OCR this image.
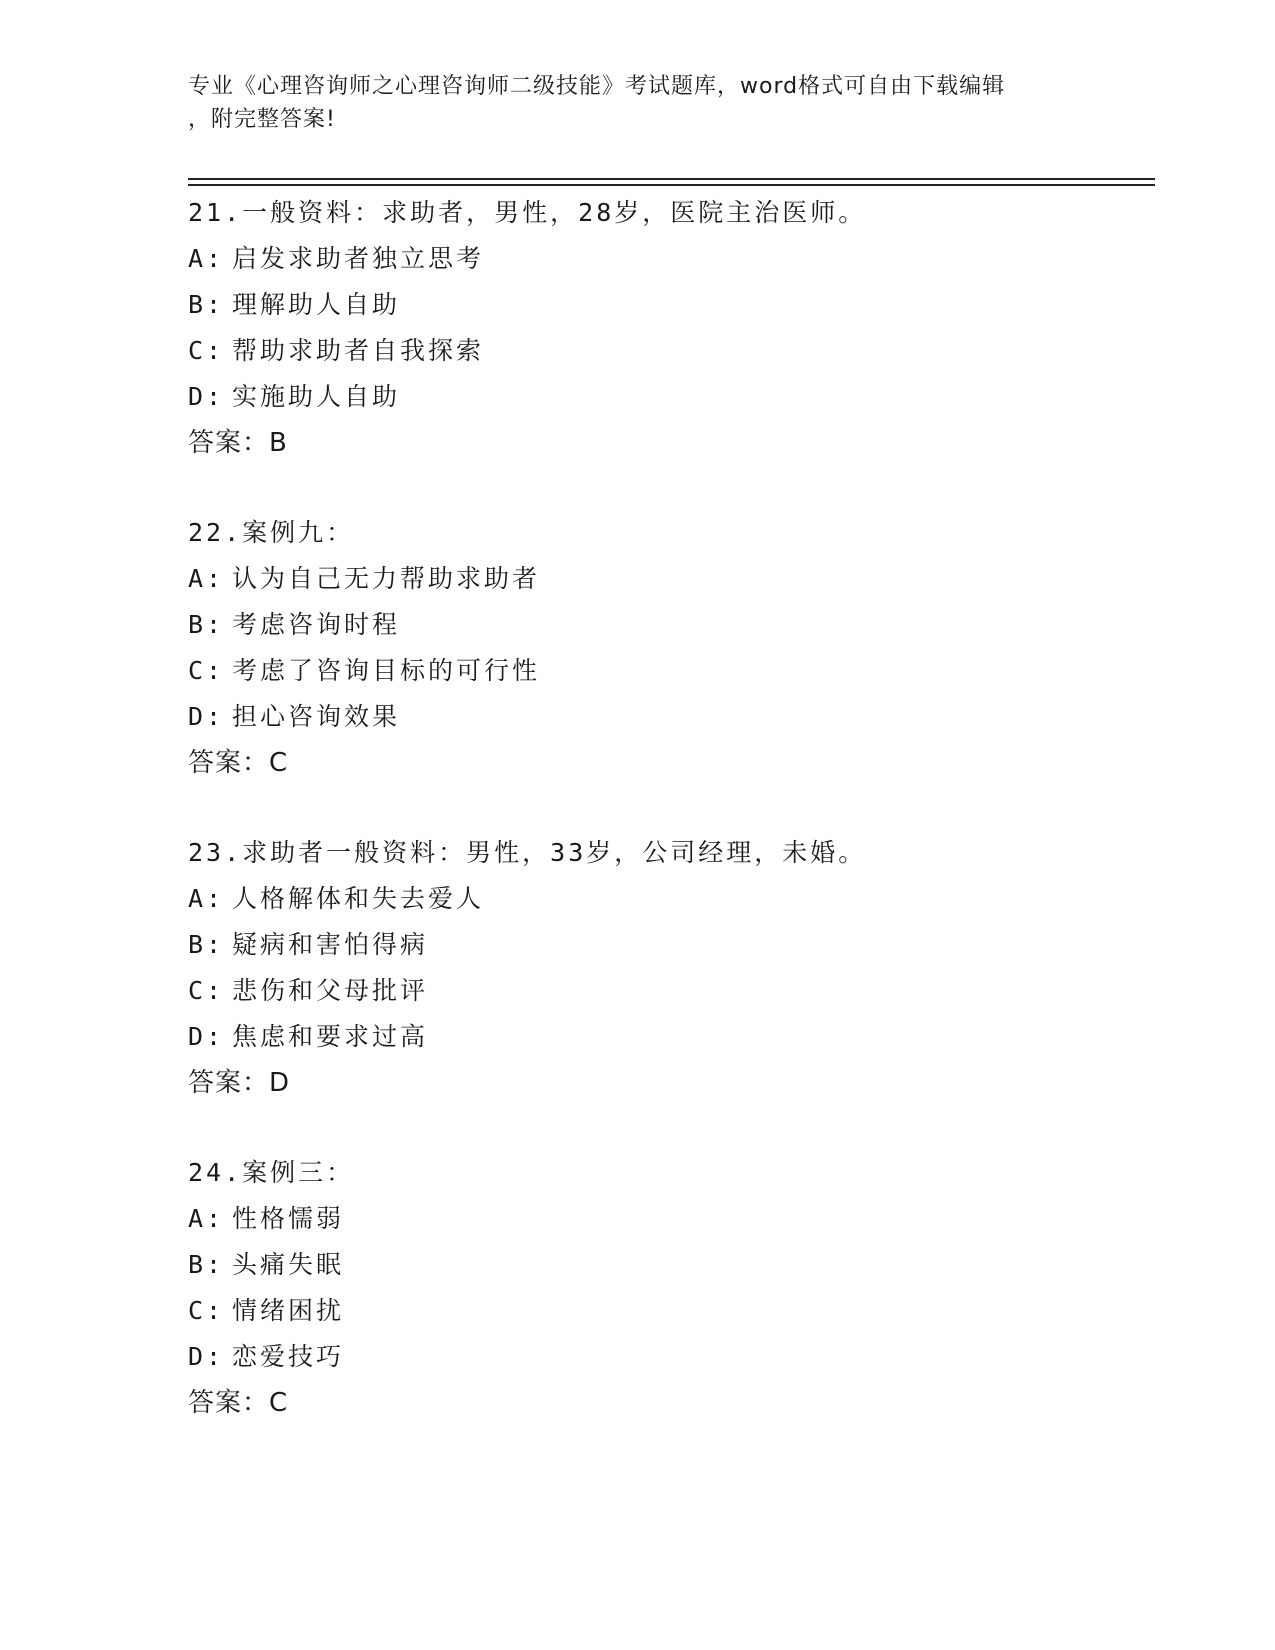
专业《心理咨询师之心理咨询师二级技能》考试题库，word格式可自由下载编辑
，附完整答案!
21.一般资料：求助者，男性，28岁，医院主治医师。
A: 启发求助者独立思考
B: 理解助人自助
C: 帮助求助者自我探索
D: 实施助人自助
答案：B
22.案例九：
A: 认为自己无力帮助求助者
B: 考虑咨询时程
C: 考虑了咨询目标的可行性
D: 担心咨询效果
答案：C
23.求助者一般资料：男性，33岁，公司经理，未婚。
A: 人格解体和失去爱人
B: 疑病和害怕得病
C: 悲伤和父母批评
D: 焦虑和要求过高
答案：D
24.案例三：
A: 性格懦弱
B: 头痛失眠
C: 情绪困扰
D: 恋爱技巧
答案：C
